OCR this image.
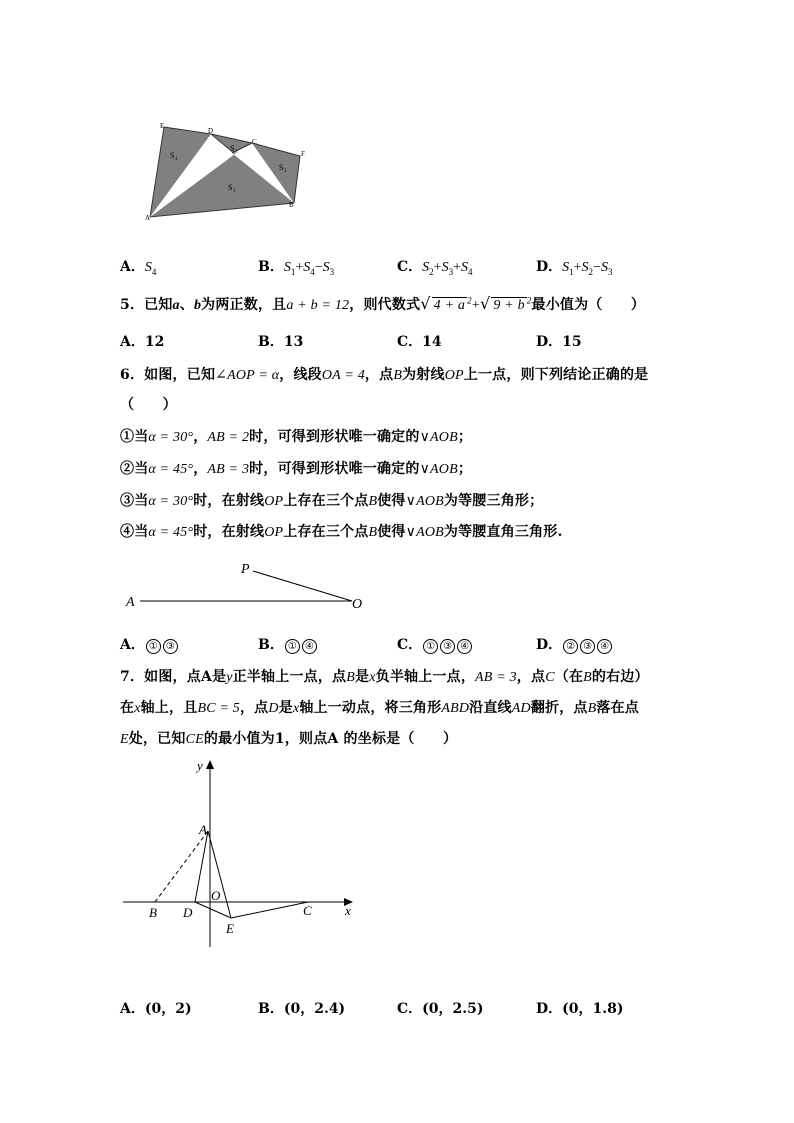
E
D
C
F
A
B
S 4
S 3
S 2
S 1
A．$S_4$	B．$S_1+S_4-S_3$	C．$S_2+S_3+S_4$	D．$S_1+S_2-S_3$
5．已知a、b为两正数，且a + b = 12，则代数式√ 4 + a $^2$+√ 9 + b $^2$最小值为（　　）
A．12	B．13	C．14	D．15
6．如图，已知∠AOP = α，线段OA = 4，点B为射线OP上一点，则下列结论正确的是
（　　）
①当α = 30°，AB = 2时，可得到形状唯一确定的∨AOB；
②当α = 45°，AB = 3时，可得到形状唯一确定的∨AOB；
③当α = 30°时，在射线OP上存在三个点B使得∨AOB为等腰三角形；
④当α = 45°时，在射线OP上存在三个点B使得∨AOB为等腰直角三角形.
P
A	O
A． ① ③	B． ① ④	C． ① ③ ④	D． ② ③ ④
7．如图，点A是y正半轴上一点，点B是x负半轴上一点，AB = 3，点C（在B的右边）
在x轴上，且BC = 5，点D是x轴上一动点，将三角形ABD沿直线AD翻折，点B落在点
E处，已知CE的最小值为1，则点A 的坐标是（　　）
y
x
A
O
B D	C
E
A．(0，2)	B．(0，2.4)	C．(0，2.5)	D．(0，1.8)
